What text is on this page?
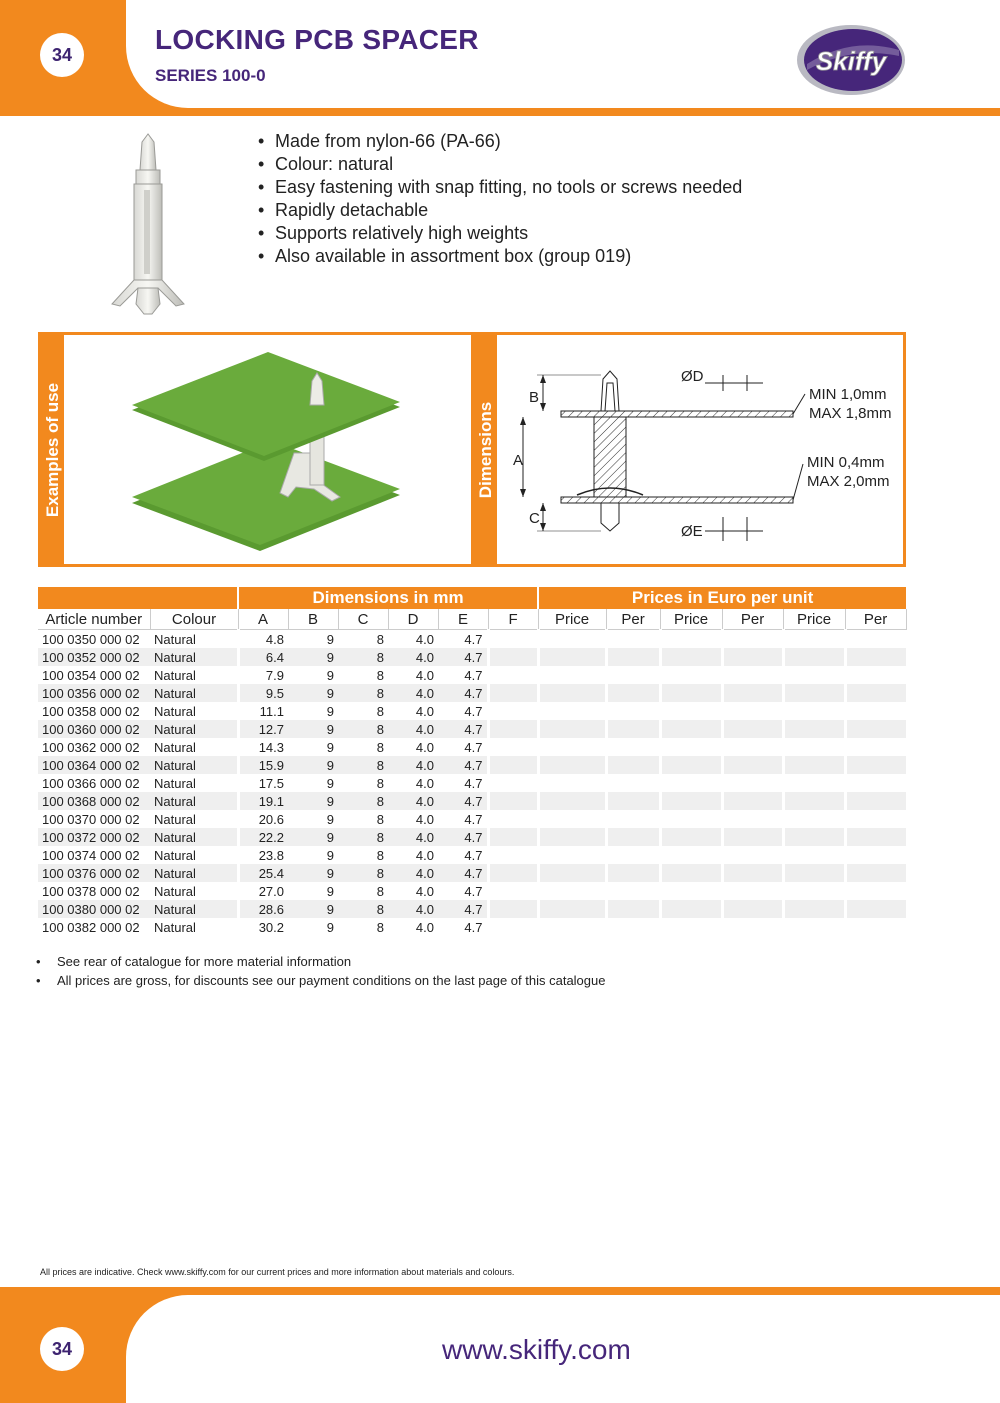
34	LOCKING PCB SPACER
SERIES 100-0	Skiffy
• Made from nylon-66 (PA-66)
• Colour: natural
• Easy fastening with snap fitting, no tools or screws needed
• Rapidly detachable
• Supports relatively high weights
• Also available in assortment box (group 019)
Examples of use	Dimensions
B
A
C
ØD
ØE
MIN 1,0mm
MAX 1,8mm
MIN 0,4mm
MAX 2,0mm
		Dimensions in mm						Prices in Euro per unit					
Article number	Colour	A	B	C	D	E	F	Price	Per	Price	Per	Price	Per
100 0350 000 02	Natural	4.8	9	8	4.0	4.7							
100 0352 000 02	Natural	6.4	9	8	4.0	4.7							
100 0354 000 02	Natural	7.9	9	8	4.0	4.7							
100 0356 000 02	Natural	9.5	9	8	4.0	4.7							
100 0358 000 02	Natural	11.1	9	8	4.0	4.7							
100 0360 000 02	Natural	12.7	9	8	4.0	4.7							
100 0362 000 02	Natural	14.3	9	8	4.0	4.7							
100 0364 000 02	Natural	15.9	9	8	4.0	4.7							
100 0366 000 02	Natural	17.5	9	8	4.0	4.7							
100 0368 000 02	Natural	19.1	9	8	4.0	4.7							
100 0370 000 02	Natural	20.6	9	8	4.0	4.7							
100 0372 000 02	Natural	22.2	9	8	4.0	4.7							
100 0374 000 02	Natural	23.8	9	8	4.0	4.7							
100 0376 000 02	Natural	25.4	9	8	4.0	4.7							
100 0378 000 02	Natural	27.0	9	8	4.0	4.7							
100 0380 000 02	Natural	28.6	9	8	4.0	4.7							
100 0382 000 02	Natural	30.2	9	8	4.0	4.7							
• See rear of catalogue for more material information
• All prices are gross, for discounts see our payment conditions on the last page of this catalogue
All prices are indicative. Check www.skiffy.com for our current prices and more information about materials and colours.
34	www.skiffy.com
